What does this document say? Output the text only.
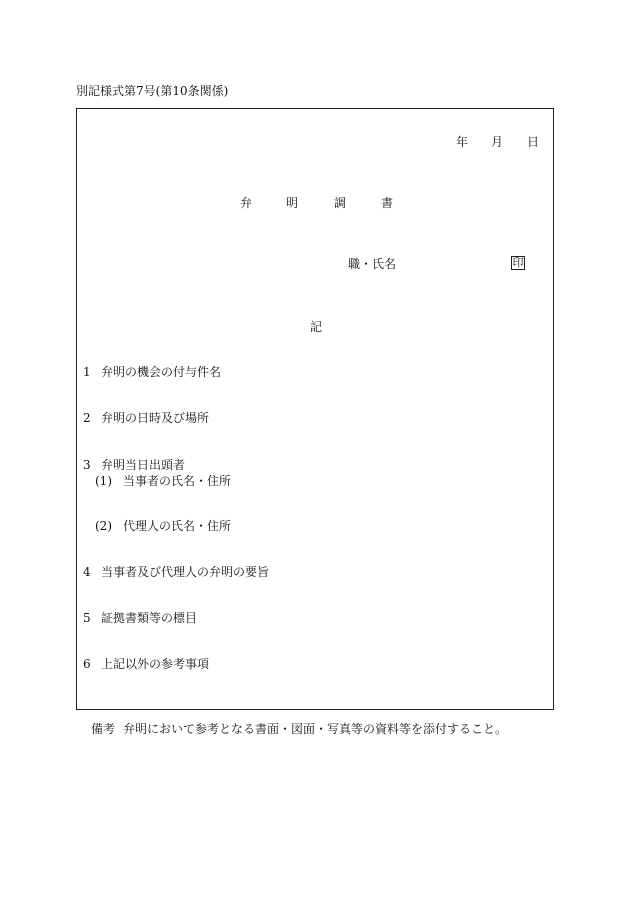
別記様式第7号(第10条関係)
年 月 日
弁	明	調	書
職・氏名	印
記
1 弁明の機会の付与件名
2 弁明の日時及び場所
3 弁明当日出頭者
(1) 当事者の氏名・住所
(2) 代理人の氏名・住所
4 当事者及び代理人の弁明の要旨
5 証拠書類等の標目
6 上記以外の参考事項
備考 弁明において参考となる書面・図面・写真等の資料等を添付すること。
